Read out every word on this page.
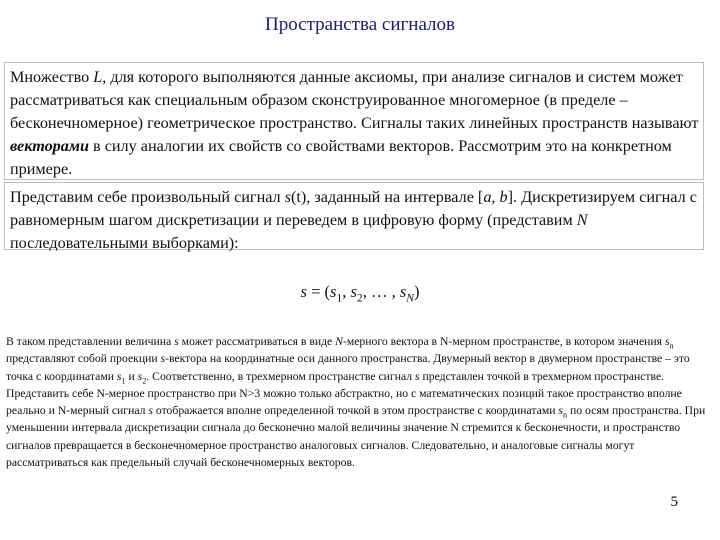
Пространства сигналов

Множество L, для которого выполняются данные аксиомы, при анализе сигналов и систем может рассматриваться как специальным образом сконструированное многомерное (в пределе – бесконечномерное) геометрическое пространство. Сигналы таких линейных пространств называют векторами в силу аналогии их свойств со свойствами векторов. Рассмотрим это на конкретном примере.

Представим себе произвольный сигнал s(t), заданный на интервале [a, b]. Дискретизируем сигнал с равномерным шагом дискретизации и переведем в цифровую форму (представим N последовательными выборками):

$s = (s_1$, $s_2$, … , $s_N$)

В таком представлении величина s может рассматриваться в виде N-мерного вектора в N-мерном пространстве, в котором значения $s_n$ представляют собой проекции s-вектора на координатные оси данного пространства. Двумерный вектор в двумерном пространстве – это точка с координатами $s_1$ и $s_2$. Соответственно, в трехмерном пространстве сигнал s представлен точкой в трехмерном пространстве. Представить себе N-мерное пространство при N>3 можно только абстрактно, но с математических позиций такое пространство вполне реально и N-мерный сигнал s отображается вполне определенной точкой в этом пространстве с координатами $s_n$ по осям пространства. При уменьшении интервала дискретизации сигнала до бесконечно малой величины значение N стремится к бесконечности, и пространство сигналов превращается в бесконечномерное пространство аналоговых сигналов. Следовательно, и аналоговые сигналы могут рассматриваться как предельный случай бесконечномерных векторов.

5
